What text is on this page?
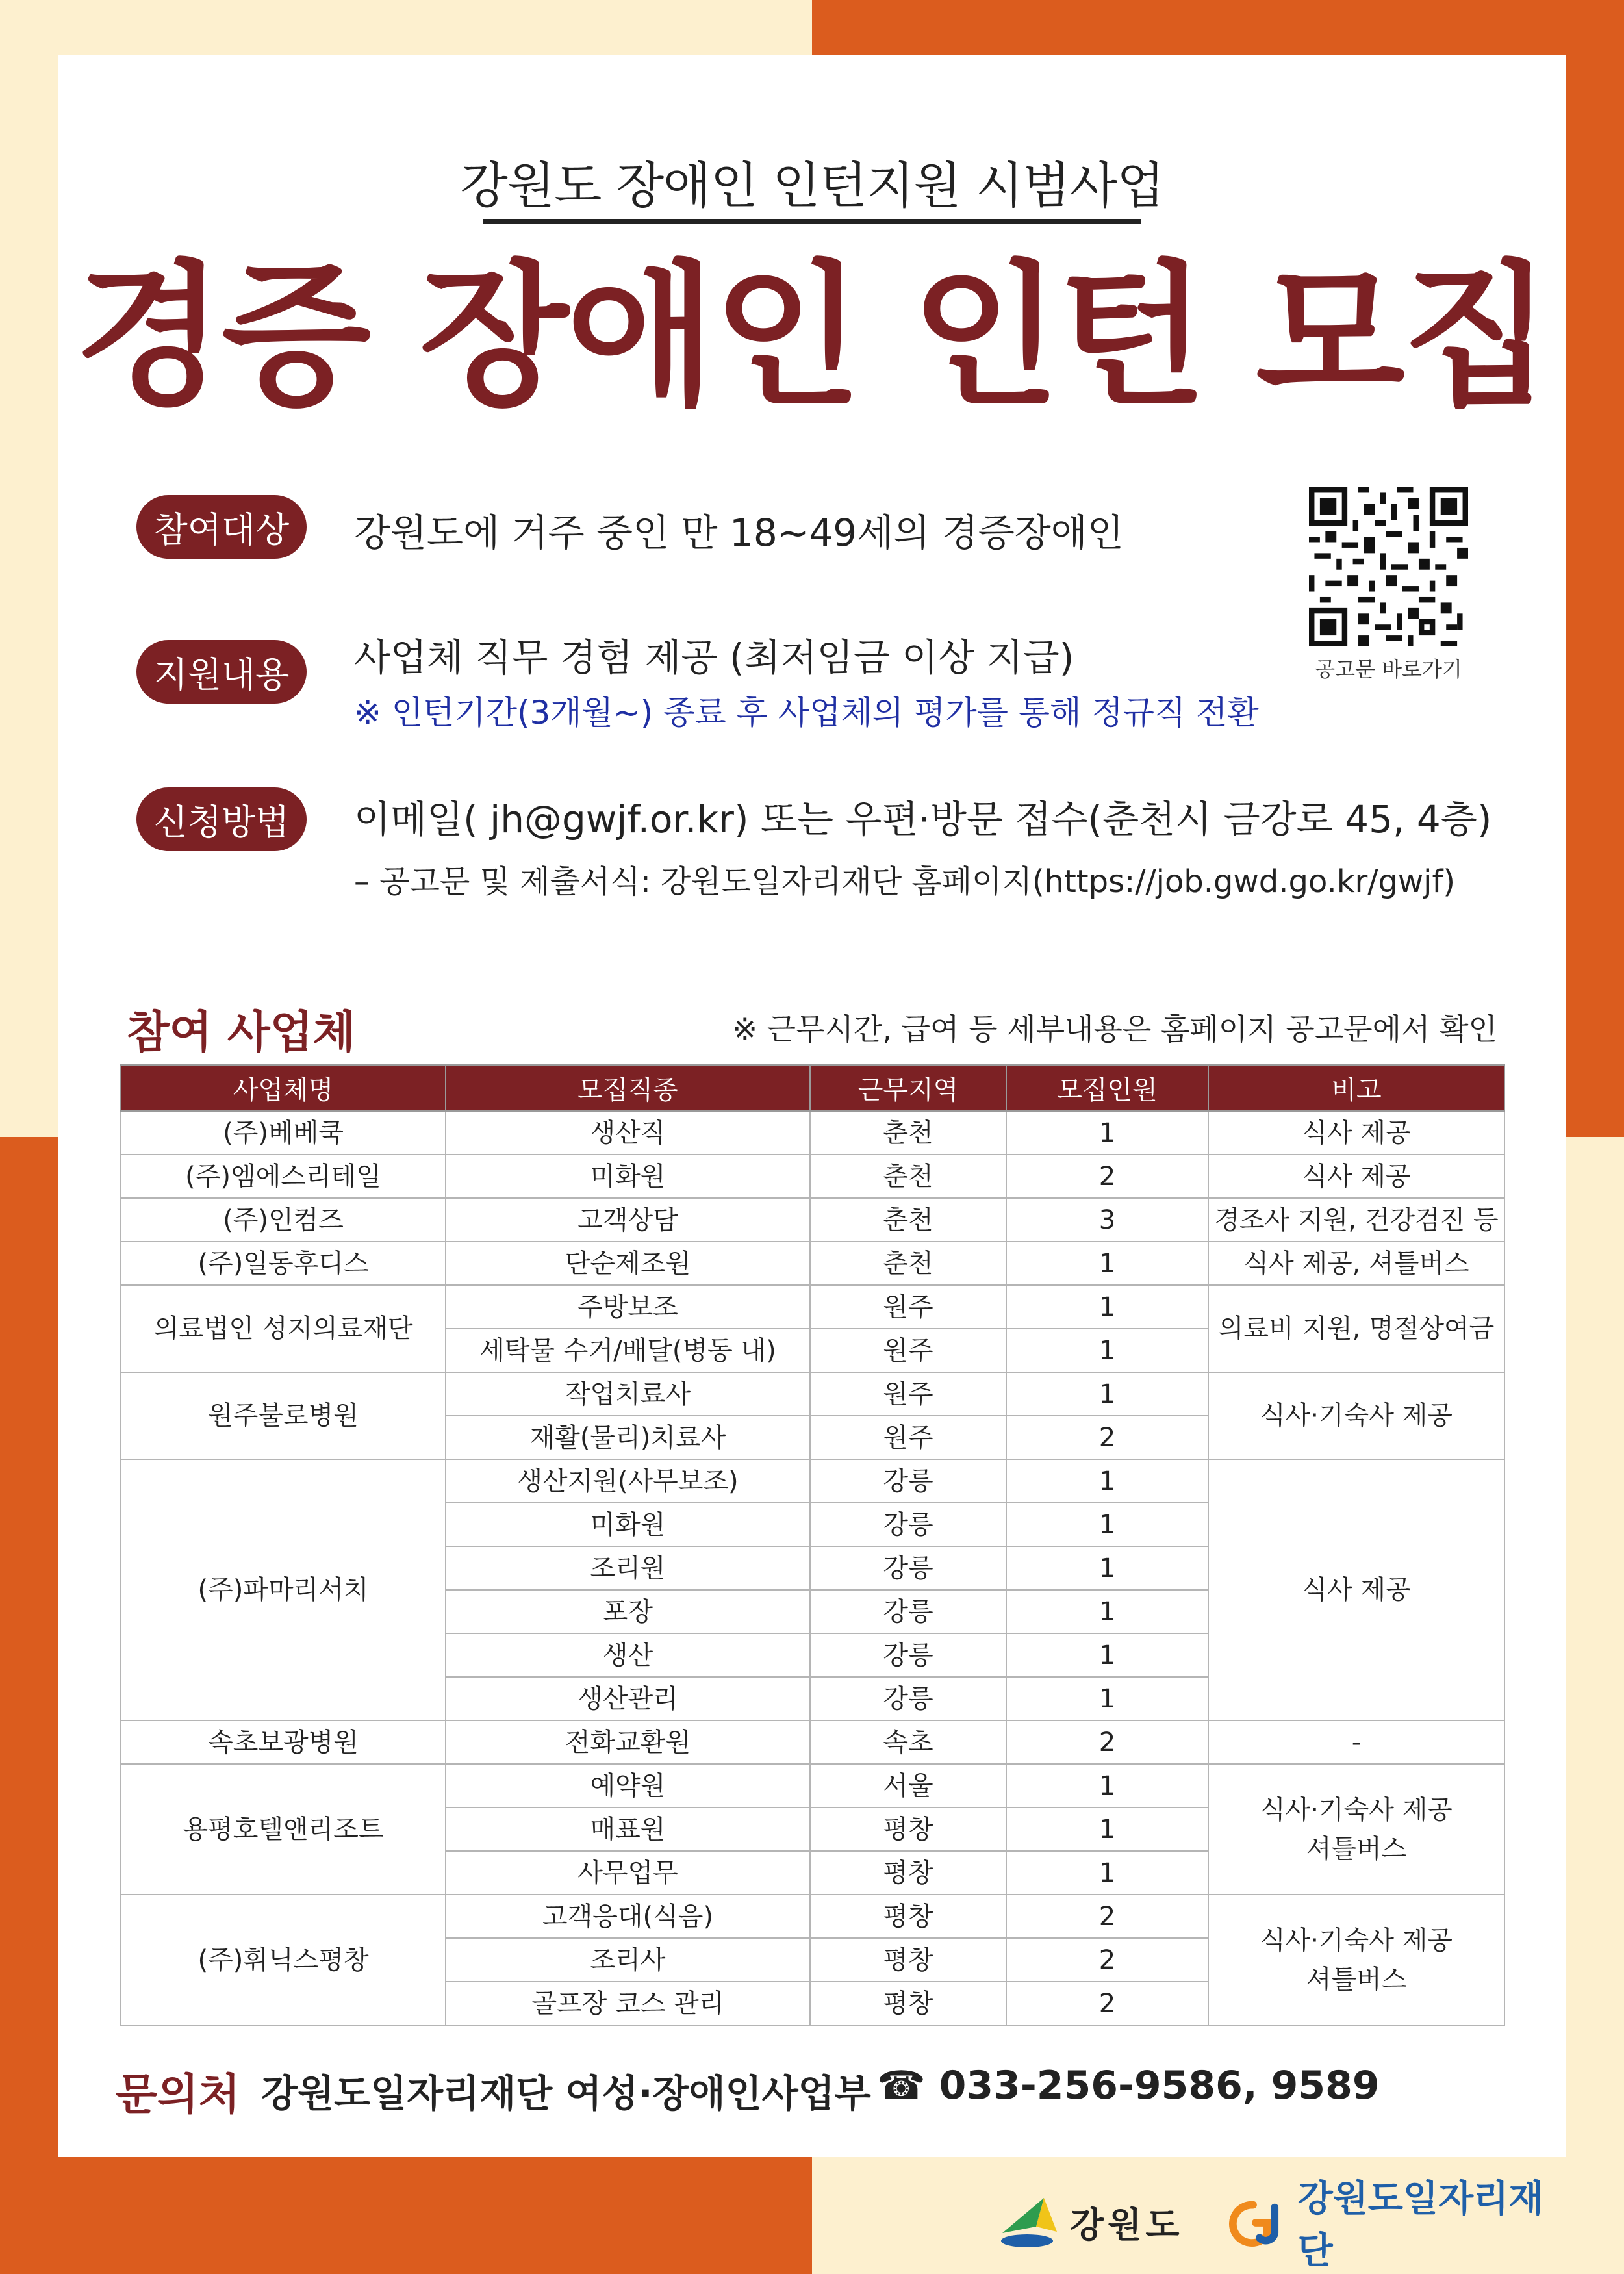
강원도 장애인 인턴지원 시범사업
경증 장애인 인턴 모집
참여대상	강원도에 거주 중인 만 18~49세의 경증장애인
지원내용	사업체 직무 경험 제공 (최저임금 이상 지급)
※ 인턴기간(3개월~) 종료 후 사업체의 평가를 통해 정규직 전환
신청방법	이메일( jh@gwjf.or.kr) 또는 우편·방문 접수(춘천시 금강로 45, 4층)
– 공고문 및 제출서식: 강원도일자리재단 홈페이지(https://job.gwd.go.kr/gwjf)
공고문 바로가기
참여 사업체	※ 근무시간, 급여 등 세부내용은 홈페이지 공고문에서 확인
사업체명	모집직종	근무지역	모집인원	비고
(주)베베쿡	생산직	춘천	1	식사 제공
(주)엠에스리테일	미화원	춘천	2	식사 제공
(주)인컴즈	고객상담	춘천	3	경조사 지원, 건강검진 등
(주)일동후디스	단순제조원	춘천	1	식사 제공, 셔틀버스
의료법인 성지의료재단	주방보조	원주	1	의료비 지원, 명절상여금
	세탁물 수거/배달(병동 내)	원주	1	
원주불로병원	작업치료사	원주	1	식사·기숙사 제공
	재활(물리)치료사	원주	2	
(주)파마리서치	생산지원(사무보조)	강릉	1	식사 제공
	미화원	강릉	1	
	조리원	강릉	1	
	포장	강릉	1	
	생산	강릉	1	
	생산관리	강릉	1	
속초보광병원	전화교환원	속초	2	-
용평호텔앤리조트	예약원	서울	1	식사·기숙사 제공
셔틀버스
	매표원	평창	1	
	사무업무	평창	1	
(주)휘닉스평창	고객응대(식음)	평창	2	식사·기숙사 제공
셔틀버스
	조리사	평창	2	
	골프장 코스 관리	평창	2	
문의처 강원도일자리재단 여성·장애인사업부 ☎ 033-256-9586, 9589
강원도
강원도일자리재단
